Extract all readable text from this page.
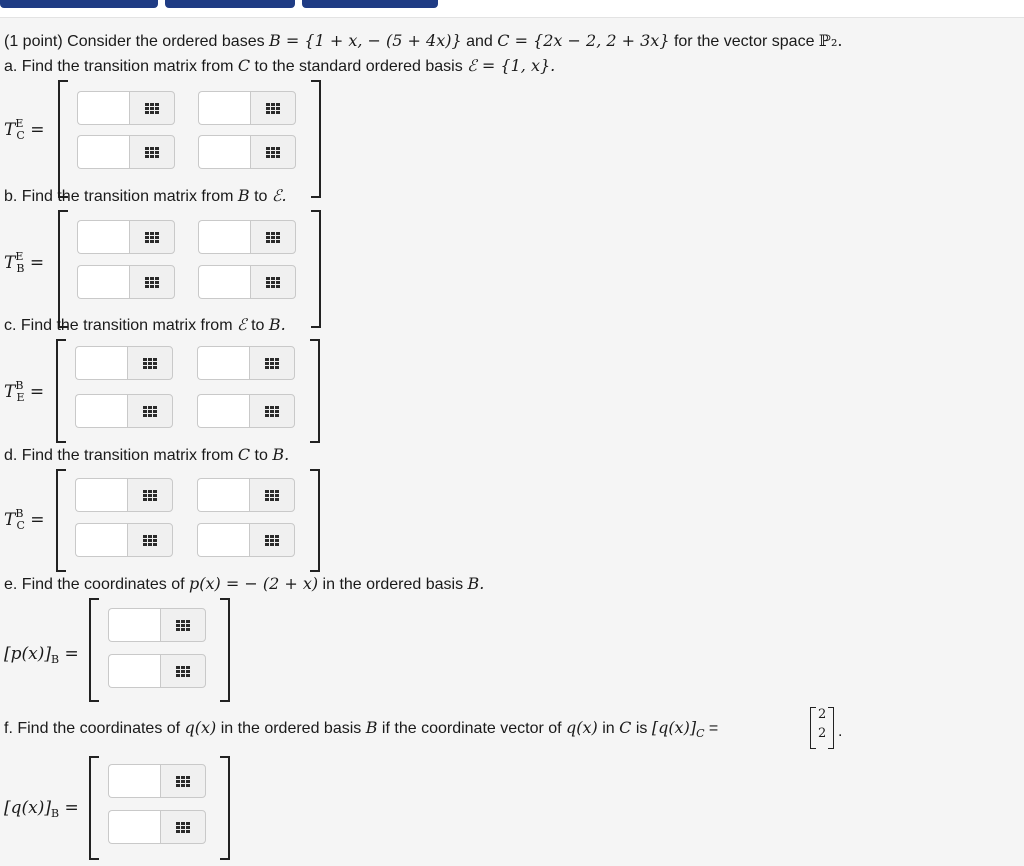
(1 point) Consider the ordered bases B = {1 + x, − (5 + 4x)} and C = {2x − 2, 2 + 3x} for the vector space ℙ₂.
a. Find the transition matrix from C to the standard ordered basis ℰ = {1, x}.
$T^E_C$ =
b. Find the transition matrix from B to ℰ.
$T^E_B$ =
c. Find the transition matrix from ℰ to B.
$T^B_E$ =
d. Find the transition matrix from C to B.
$T^B_C$ =
e. Find the coordinates of p(x) = − (2 + x) in the ordered basis B.
$[p(x)]_B$ =
f. Find the coordinates of q(x) in the ordered basis B if the coordinate vector of q(x) in C is $[q(x)]_C$ =
2
2 .
$[q(x)]_B$ =
